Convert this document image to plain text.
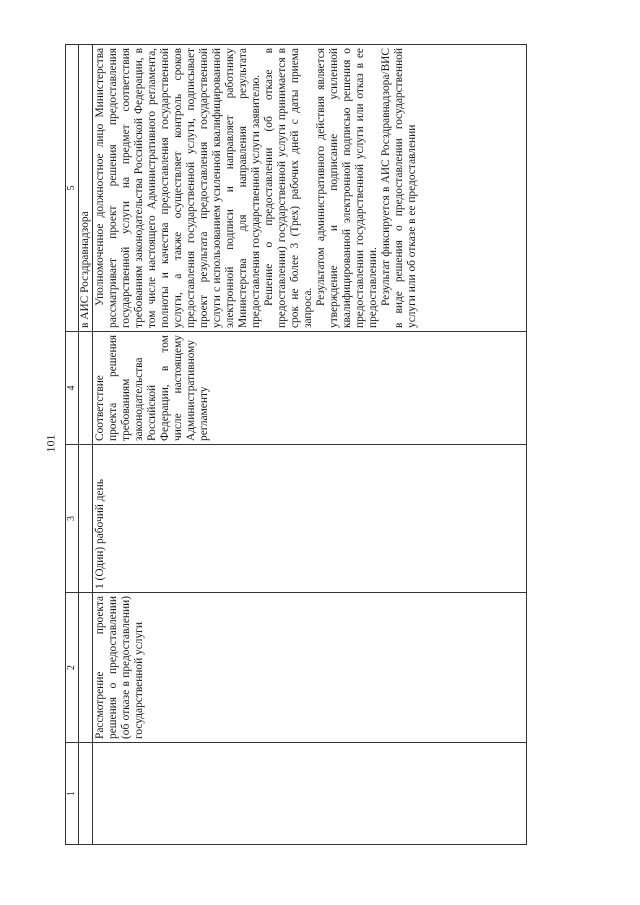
101
1	2	3	4	5
				в АИС Росздравнадзора
	Рассмотрение проекта решения о предоставлении (об отказе в предоставлении) государственной услуги	1 (Один) рабочий день	Соответствие проекта решения требованиям законодательства Российской Федерации, в том числе настоящему Административному регламенту	Уполномоченное должностное лицо Министерства рассматривает проект решения предоставления государственной услуги на предмет соответствия требованиям законодательства Российской Федерации, в том числе настоящего Административного регламента, полноты и качества предоставления государственной услуги, а также осуществляет контроль сроков предоставления государственной услуги, подписывает проект результата предоставления государственной услуги с использованием усиленной квалифицированной электронной подписи и направляет работнику Министерства для направления результата предоставления государственной услуги заявителю. Решение о предоставлении (об отказе в предоставлении) государственной услуги принимается в срок не более 3 (Трех) рабочих дней с даты приема запроса.

Результатом административного действия является утверждение и подписание усиленной квалифицированной электронной подписью решения о предоставлении государственной услуги или отказ в ее предоставлении. Результат фиксируется в АИС Росздравнадзора/ВИС в виде решения о предоставлении государственной услуги или об отказе в ее предоставлении
